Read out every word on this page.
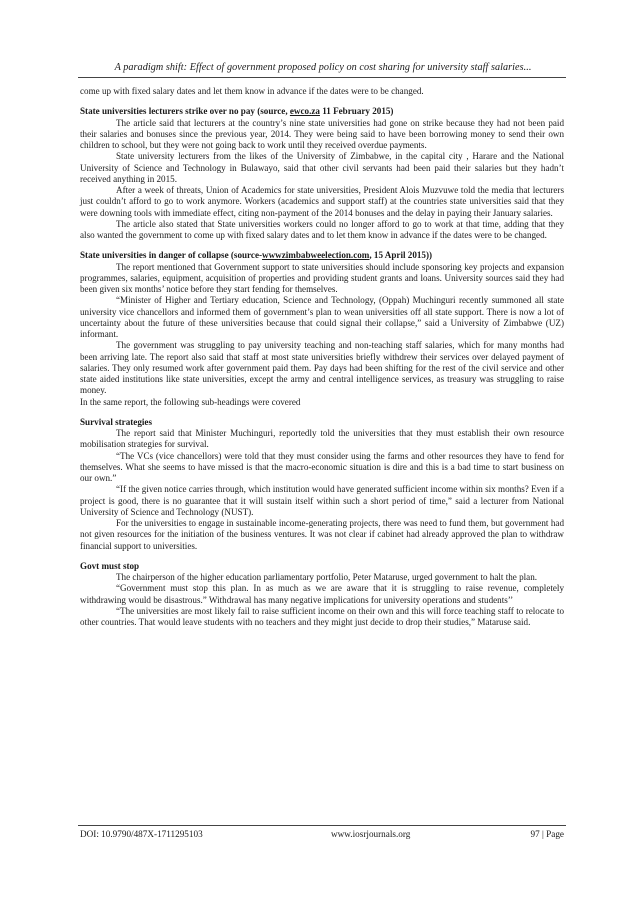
A paradigm shift: Effect of government proposed policy on cost sharing for university staff salaries...

come up with fixed salary dates and let them know in advance if the dates were to be changed.

State universities lecturers strike over no pay (source, ewco.za 11 February 2015)

The article said that lecturers at the country’s nine state universities had gone on strike because they had not been paid their salaries and bonuses since the previous year, 2014. They were being said to have been borrowing money to send their own children to school, but they were not going back to work until they received overdue payments.

State university lecturers from the likes of the University of Zimbabwe, in the capital city , Harare and the National University of Science and Technology in Bulawayo, said that other civil servants had been paid their salaries but they hadn’t received anything in 2015.

After a week of threats, Union of Academics for state universities, President Alois Muzvuwe told the media that lecturers just couldn’t afford to go to work anymore. Workers (academics and support staff) at the countries state universities said that they were downing tools with immediate effect, citing non-payment of the 2014 bonuses and the delay in paying their January salaries.

The article also stated that State universities workers could no longer afford to go to work at that time, adding that they also wanted the government to come up with fixed salary dates and to let them know in advance if the dates were to be changed.

State universities in danger of collapse (source-wwwzimbabweelection.com, 15 April 2015))

The report mentioned that Government support to state universities should include sponsoring key projects and expansion programmes, salaries, equipment, acquisition of properties and providing student grants and loans. University sources said they had been given six months’ notice before they start fending for themselves.

“Minister of Higher and Tertiary education, Science and Technology, (Oppah) Muchinguri recently summoned all state university vice chancellors and informed them of government’s plan to wean universities off all state support. There is now a lot of uncertainty about the future of these universities because that could signal their collapse,” said a University of Zimbabwe (UZ) informant.

The government was struggling to pay university teaching and non-teaching staff salaries, which for many months had been arriving late. The report also said that staff at most state universities briefly withdrew their services over delayed payment of salaries. They only resumed work after government paid them. Pay days had been shifting for the rest of the civil service and other state aided institutions like state universities, except the army and central intelligence services, as treasury was struggling to raise money.

In the same report, the following sub-headings were covered

Survival strategies

The report said that Minister Muchinguri, reportedly told the universities that they must establish their own resource mobilisation strategies for survival.

“The VCs (vice chancellors) were told that they must consider using the farms and other resources they have to fend for themselves. What she seems to have missed is that the macro-economic situation is dire and this is a bad time to start business on our own.”

“If the given notice carries through, which institution would have generated sufficient income within six months? Even if a project is good, there is no guarantee that it will sustain itself within such a short period of time,” said a lecturer from National University of Science and Technology (NUST).

For the universities to engage in sustainable income-generating projects, there was need to fund them, but government had not given resources for the initiation of the business ventures. It was not clear if cabinet had already approved the plan to withdraw financial support to universities.

Govt must stop

The chairperson of the higher education parliamentary portfolio, Peter Mataruse, urged government to halt the plan.

“Government must stop this plan. In as much as we are aware that it is struggling to raise revenue, completely withdrawing would be disastrous.” Withdrawal has many negative implications for university operations and students’’

“The universities are most likely fail to raise sufficient income on their own and this will force teaching staff to relocate to other countries. That would leave students with no teachers and they might just decide to drop their studies,” Mataruse said.

DOI: 10.9790/487X-1711295103	www.iosrjournals.org	97 | Page
